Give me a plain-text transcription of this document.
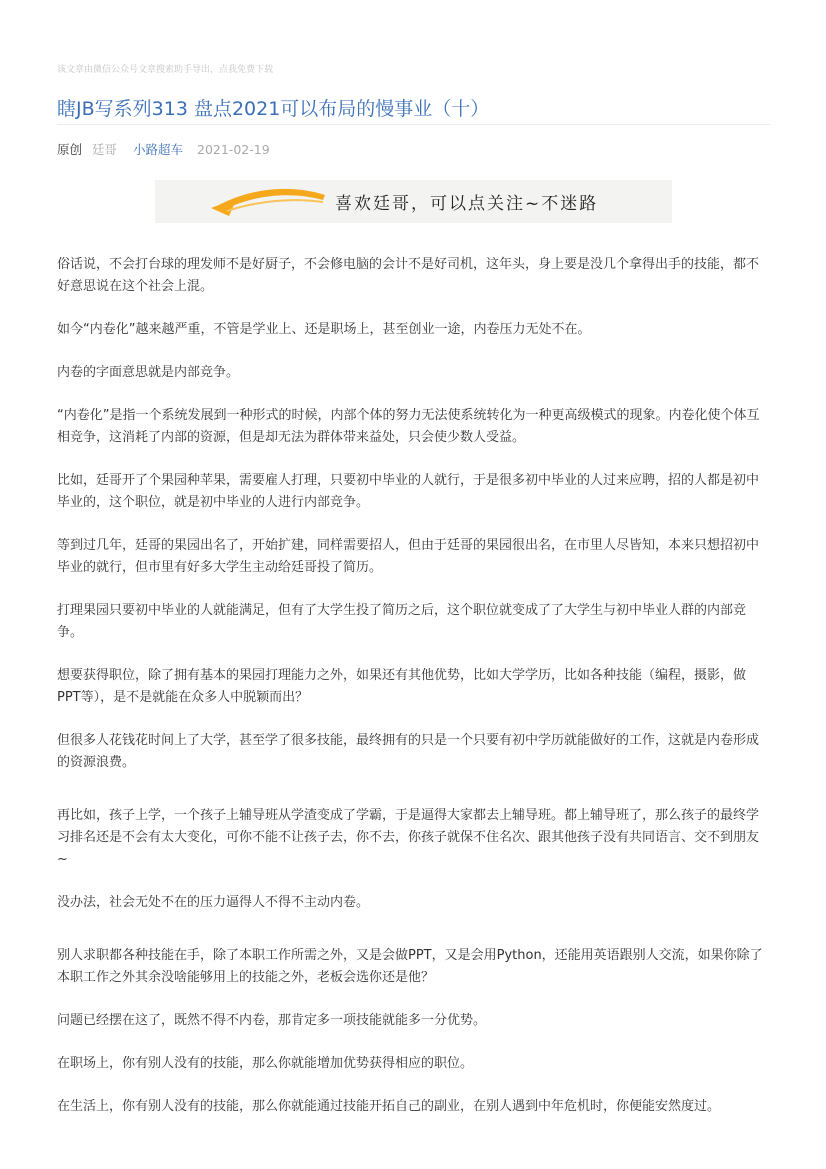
该文章由微信公众号文章搜索助手导出，点我免费下载
瞎JB写系列313 盘点2021可以布局的慢事业（十）
原创 廷哥 小路超车 2021-02-19
喜欢廷哥，可以点关注~不迷路

俗话说，不会打台球的理发师不是好厨子，不会修电脑的会计不是好司机，这年头，身上要是没几个拿得出手的技能，都不好意思说在这个社会上混。

如今“内卷化”越来越严重，不管是学业上、还是职场上，甚至创业一途，内卷压力无处不在。

内卷的字面意思就是内部竞争。

“内卷化”是指一个系统发展到一种形式的时候，内部个体的努力无法使系统转化为一种更高级模式的现象。内卷化使个体互相竞争，这消耗了内部的资源，但是却无法为群体带来益处，只会使少数人受益。

比如，廷哥开了个果园种苹果，需要雇人打理，只要初中毕业的人就行，于是很多初中毕业的人过来应聘，招的人都是初中毕业的，这个职位，就是初中毕业的人进行内部竞争。

等到过几年，廷哥的果园出名了，开始扩建，同样需要招人，但由于廷哥的果园很出名，在市里人尽皆知，本来只想招初中毕业的就行，但市里有好多大学生主动给廷哥投了简历。

打理果园只要初中毕业的人就能满足，但有了大学生投了简历之后，这个职位就变成了了大学生与初中毕业人群的内部竞争。

想要获得职位，除了拥有基本的果园打理能力之外，如果还有其他优势，比如大学学历，比如各种技能（编程，摄影，做PPT等），是不是就能在众多人中脱颖而出？

但很多人花钱花时间上了大学，甚至学了很多技能，最终拥有的只是一个只要有初中学历就能做好的工作，这就是内卷形成的资源浪费。

再比如，孩子上学，一个孩子上辅导班从学渣变成了学霸，于是逼得大家都去上辅导班。都上辅导班了，那么孩子的最终学习排名还是不会有太大变化，可你不能不让孩子去，你不去，你孩子就保不住名次、跟其他孩子没有共同语言、交不到朋友~

没办法，社会无处不在的压力逼得人不得不主动内卷。

别人求职都各种技能在手，除了本职工作所需之外，又是会做PPT，又是会用Python，还能用英语跟别人交流，如果你除了本职工作之外其余没啥能够用上的技能之外，老板会选你还是他？

问题已经摆在这了，既然不得不内卷，那肯定多一项技能就能多一分优势。

在职场上，你有别人没有的技能，那么你就能增加优势获得相应的职位。

在生活上，你有别人没有的技能，那么你就能通过技能开拓自己的副业，在别人遇到中年危机时，你便能安然度过。
